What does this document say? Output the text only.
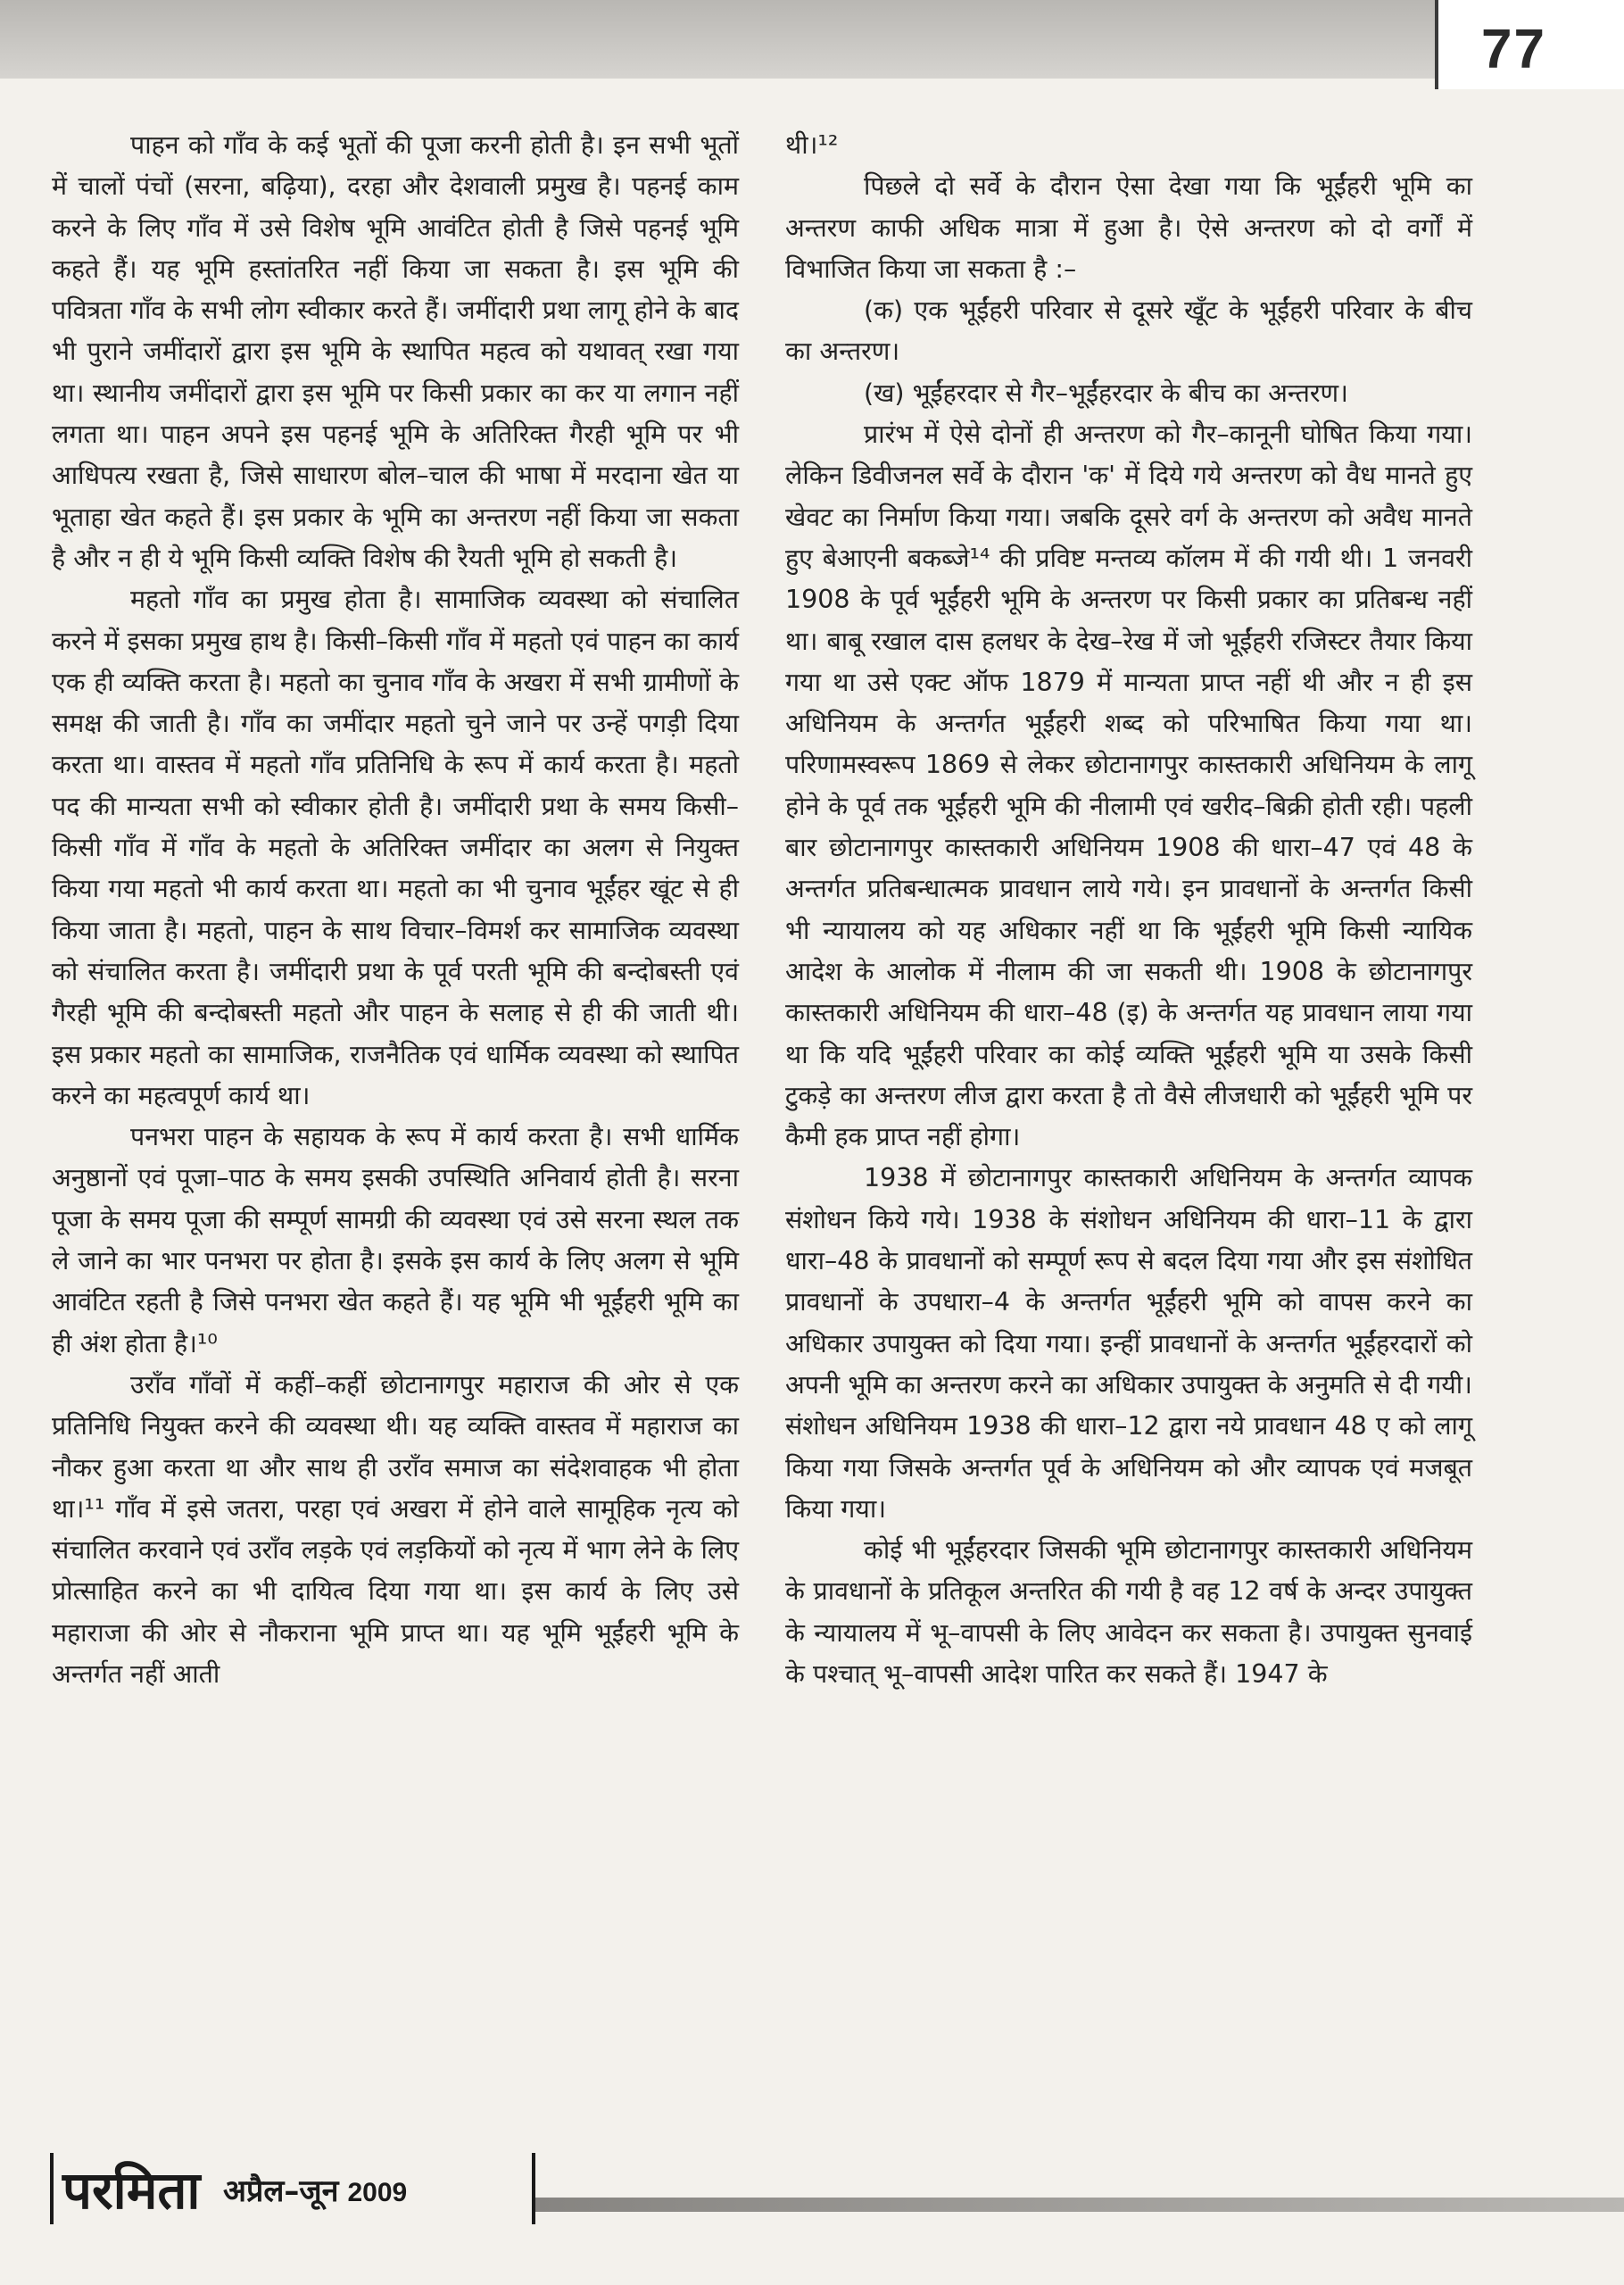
77

पाहन को गाँव के कई भूतों की पूजा करनी होती है। इन सभी भूतों में चालों पंचों (सरना, बढ़िया), दरहा और देशवाली प्रमुख है। पहनई काम करने के लिए गाँव में उसे विशेष भूमि आवंटित होती है जिसे पहनई भूमि कहते हैं। यह भूमि हस्तांतरित नहीं किया जा सकता है। इस भूमि की पवित्रता गाँव के सभी लोग स्वीकार करते हैं। जमींदारी प्रथा लागू होने के बाद भी पुराने जमींदारों द्वारा इस भूमि के स्थापित महत्व को यथावत् रखा गया था। स्थानीय जमींदारों द्वारा इस भूमि पर किसी प्रकार का कर या लगान नहीं लगता था। पाहन अपने इस पहनई भूमि के अतिरिक्त गैरही भूमि पर भी आधिपत्य रखता है, जिसे साधारण बोल–चाल की भाषा में मरदाना खेत या भूताहा खेत कहते हैं। इस प्रकार के भूमि का अन्तरण नहीं किया जा सकता है और न ही ये भूमि किसी व्यक्ति विशेष की रैयती भूमि हो सकती है।

महतो गाँव का प्रमुख होता है। सामाजिक व्यवस्था को संचालित करने में इसका प्रमुख हाथ है। किसी–किसी गाँव में महतो एवं पाहन का कार्य एक ही व्यक्ति करता है। महतो का चुनाव गाँव के अखरा में सभी ग्रामीणों के समक्ष की जाती है। गाँव का जमींदार महतो चुने जाने पर उन्हें पगड़ी दिया करता था। वास्तव में महतो गाँव प्रतिनिधि के रूप में कार्य करता है। महतो पद की मान्यता सभी को स्वीकार होती है। जमींदारी प्रथा के समय किसी–किसी गाँव में गाँव के महतो के अतिरिक्त जमींदार का अलग से नियुक्त किया गया महतो भी कार्य करता था। महतो का भी चुनाव भूईंहर खूंट से ही किया जाता है। महतो, पाहन के साथ विचार–विमर्श कर सामाजिक व्यवस्था को संचालित करता है। जमींदारी प्रथा के पूर्व परती भूमि की बन्दोबस्ती एवं गैरही भूमि की बन्दोबस्ती महतो और पाहन के सलाह से ही की जाती थी। इस प्रकार महतो का सामाजिक, राजनैतिक एवं धार्मिक व्यवस्था को स्थापित करने का महत्वपूर्ण कार्य था।

पनभरा पाहन के सहायक के रूप में कार्य करता है। सभी धार्मिक अनुष्ठानों एवं पूजा–पाठ के समय इसकी उपस्थिति अनिवार्य होती है। सरना पूजा के समय पूजा की सम्पूर्ण सामग्री की व्यवस्था एवं उसे सरना स्थल तक ले जाने का भार पनभरा पर होता है। इसके इस कार्य के लिए अलग से भूमि आवंटित रहती है जिसे पनभरा खेत कहते हैं। यह भूमि भी भूईंहरी भूमि का ही अंश होता है।¹⁰

उराँव गाँवों में कहीं–कहीं छोटानागपुर महाराज की ओर से एक प्रतिनिधि नियुक्त करने की व्यवस्था थी। यह व्यक्ति वास्तव में महाराज का नौकर हुआ करता था और साथ ही उराँव समाज का संदेशवाहक भी होता था।¹¹ गाँव में इसे जतरा, परहा एवं अखरा में होने वाले सामूहिक नृत्य को संचालित करवाने एवं उराँव लड़के एवं लड़कियों को नृत्य में भाग लेने के लिए प्रोत्साहित करने का भी दायित्व दिया गया था। इस कार्य के लिए उसे महाराजा की ओर से नौकराना भूमि प्राप्त था। यह भूमि भूईंहरी भूमि के अन्तर्गत नहीं आती

थी।¹²

पिछले दो सर्वे के दौरान ऐसा देखा गया कि भूईंहरी भूमि का अन्तरण काफी अधिक मात्रा में हुआ है। ऐसे अन्तरण को दो वर्गों में विभाजित किया जा सकता है :–

(क) एक भूईंहरी परिवार से दूसरे खूँट के भूईंहरी परिवार के बीच का अन्तरण।

(ख) भूईंहरदार से गैर–भूईंहरदार के बीच का अन्तरण।

प्रारंभ में ऐसे दोनों ही अन्तरण को गैर–कानूनी घोषित किया गया। लेकिन डिवीजनल सर्वे के दौरान 'क' में दिये गये अन्तरण को वैध मानते हुए खेवट का निर्माण किया गया। जबकि दूसरे वर्ग के अन्तरण को अवैध मानते हुए बेआएनी बकब्जे¹⁴ की प्रविष्ट मन्तव्य कॉलम में की गयी थी। 1 जनवरी 1908 के पूर्व भूईंहरी भूमि के अन्तरण पर किसी प्रकार का प्रतिबन्ध नहीं था। बाबू रखाल दास हलधर के देख–रेख में जो भूईंहरी रजिस्टर तैयार किया गया था उसे एक्ट ऑफ 1879 में मान्यता प्राप्त नहीं थी और न ही इस अधिनियम के अन्तर्गत भूईंहरी शब्द को परिभाषित किया गया था। परिणामस्वरूप 1869 से लेकर छोटानागपुर कास्तकारी अधिनियम के लागू होने के पूर्व तक भूईंहरी भूमि की नीलामी एवं खरीद–बिक्री होती रही। पहली बार छोटानागपुर कास्तकारी अधिनियम 1908 की धारा–47 एवं 48 के अन्तर्गत प्रतिबन्धात्मक प्रावधान लाये गये। इन प्रावधानों के अन्तर्गत किसी भी न्यायालय को यह अधिकार नहीं था कि भूईंहरी भूमि किसी न्यायिक आदेश के आलोक में नीलाम की जा सकती थी। 1908 के छोटानागपुर कास्तकारी अधिनियम की धारा–48 (इ) के अन्तर्गत यह प्रावधान लाया गया था कि यदि भूईंहरी परिवार का कोई व्यक्ति भूईंहरी भूमि या उसके किसी टुकड़े का अन्तरण लीज द्वारा करता है तो वैसे लीजधारी को भूईंहरी भूमि पर कैमी हक प्राप्त नहीं होगा।

1938 में छोटानागपुर कास्तकारी अधिनियम के अन्तर्गत व्यापक संशोधन किये गये। 1938 के संशोधन अधिनियम की धारा–11 के द्वारा धारा–48 के प्रावधानों को सम्पूर्ण रूप से बदल दिया गया और इस संशोधित प्रावधानों के उपधारा–4 के अन्तर्गत भूईंहरी भूमि को वापस करने का अधिकार उपायुक्त को दिया गया। इन्हीं प्रावधानों के अन्तर्गत भूईंहरदारों को अपनी भूमि का अन्तरण करने का अधिकार उपायुक्त के अनुमति से दी गयी। संशोधन अधिनियम 1938 की धारा–12 द्वारा नये प्रावधान 48 ए को लागू किया गया जिसके अन्तर्गत पूर्व के अधिनियम को और व्यापक एवं मजबूत किया गया।

कोई भी भूईंहरदार जिसकी भूमि छोटानागपुर कास्तकारी अधिनियम के प्रावधानों के प्रतिकूल अन्तरित की गयी है वह 12 वर्ष के अन्दर उपायुक्त के न्यायालय में भू–वापसी के लिए आवेदन कर सकता है। उपायुक्त सुनवाई के पश्चात् भू–वापसी आदेश पारित कर सकते हैं। 1947 के

परमिता अप्रैल–जून 2009
